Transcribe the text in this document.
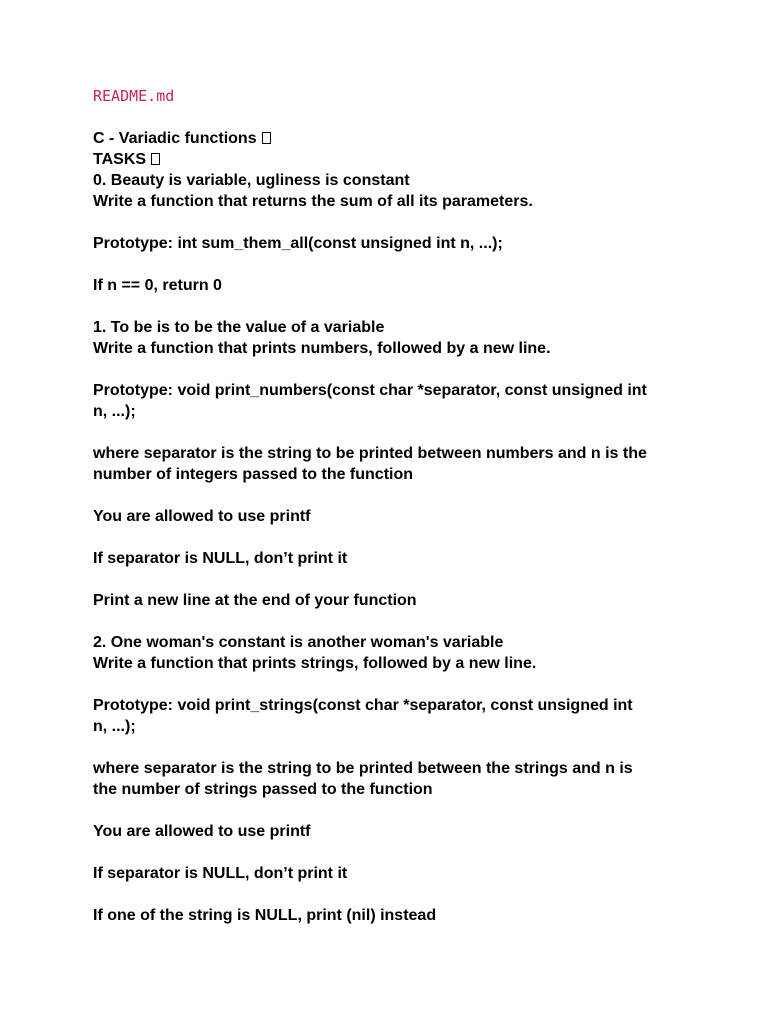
README.md
C - Variadic functions
TASKS
0. Beauty is variable, ugliness is constant
Write a function that returns the sum of all its parameters.
Prototype: int sum_them_all(const unsigned int n, ...);
If n == 0, return 0
1. To be is to be the value of a variable
Write a function that prints numbers, followed by a new line.
Prototype: void print_numbers(const char *separator, const unsigned int
n, ...);
where separator is the string to be printed between numbers and n is the
number of integers passed to the function
You are allowed to use printf
If separator is NULL, don’t print it
Print a new line at the end of your function
2. One woman's constant is another woman's variable
Write a function that prints strings, followed by a new line.
Prototype: void print_strings(const char *separator, const unsigned int
n, ...);
where separator is the string to be printed between the strings and n is
the number of strings passed to the function
You are allowed to use printf
If separator is NULL, don’t print it
If one of the string is NULL, print (nil) instead
